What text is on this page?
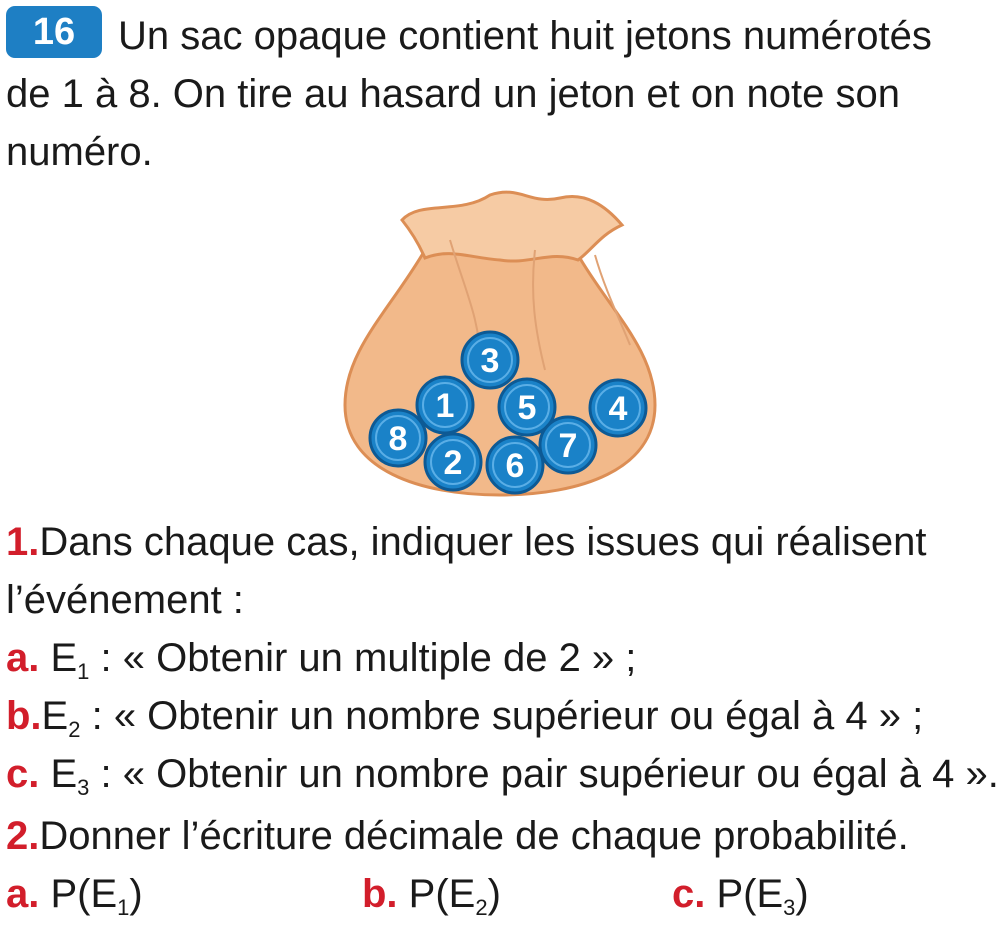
16	Un sac opaque contient huit jetons numérotés
de 1 à 8. On tire au hasard un jeton et on note son
numéro.
3
1 5 4
8	7
2 6
1.Dans chaque cas, indiquer les issues qui réalisent
l’événement :
a. $E_1$ : « Obtenir un multiple de 2 » ;
$b.E_2$ : « Obtenir un nombre supérieur ou égal à 4 » ;
c. $E_3$ : « Obtenir un nombre pair supérieur ou égal à 4 ».
2.Donner l’écriture décimale de chaque probabilité.
a. $P(E_1)$	b. $P(E_2)$	c. $P(E_3)$
